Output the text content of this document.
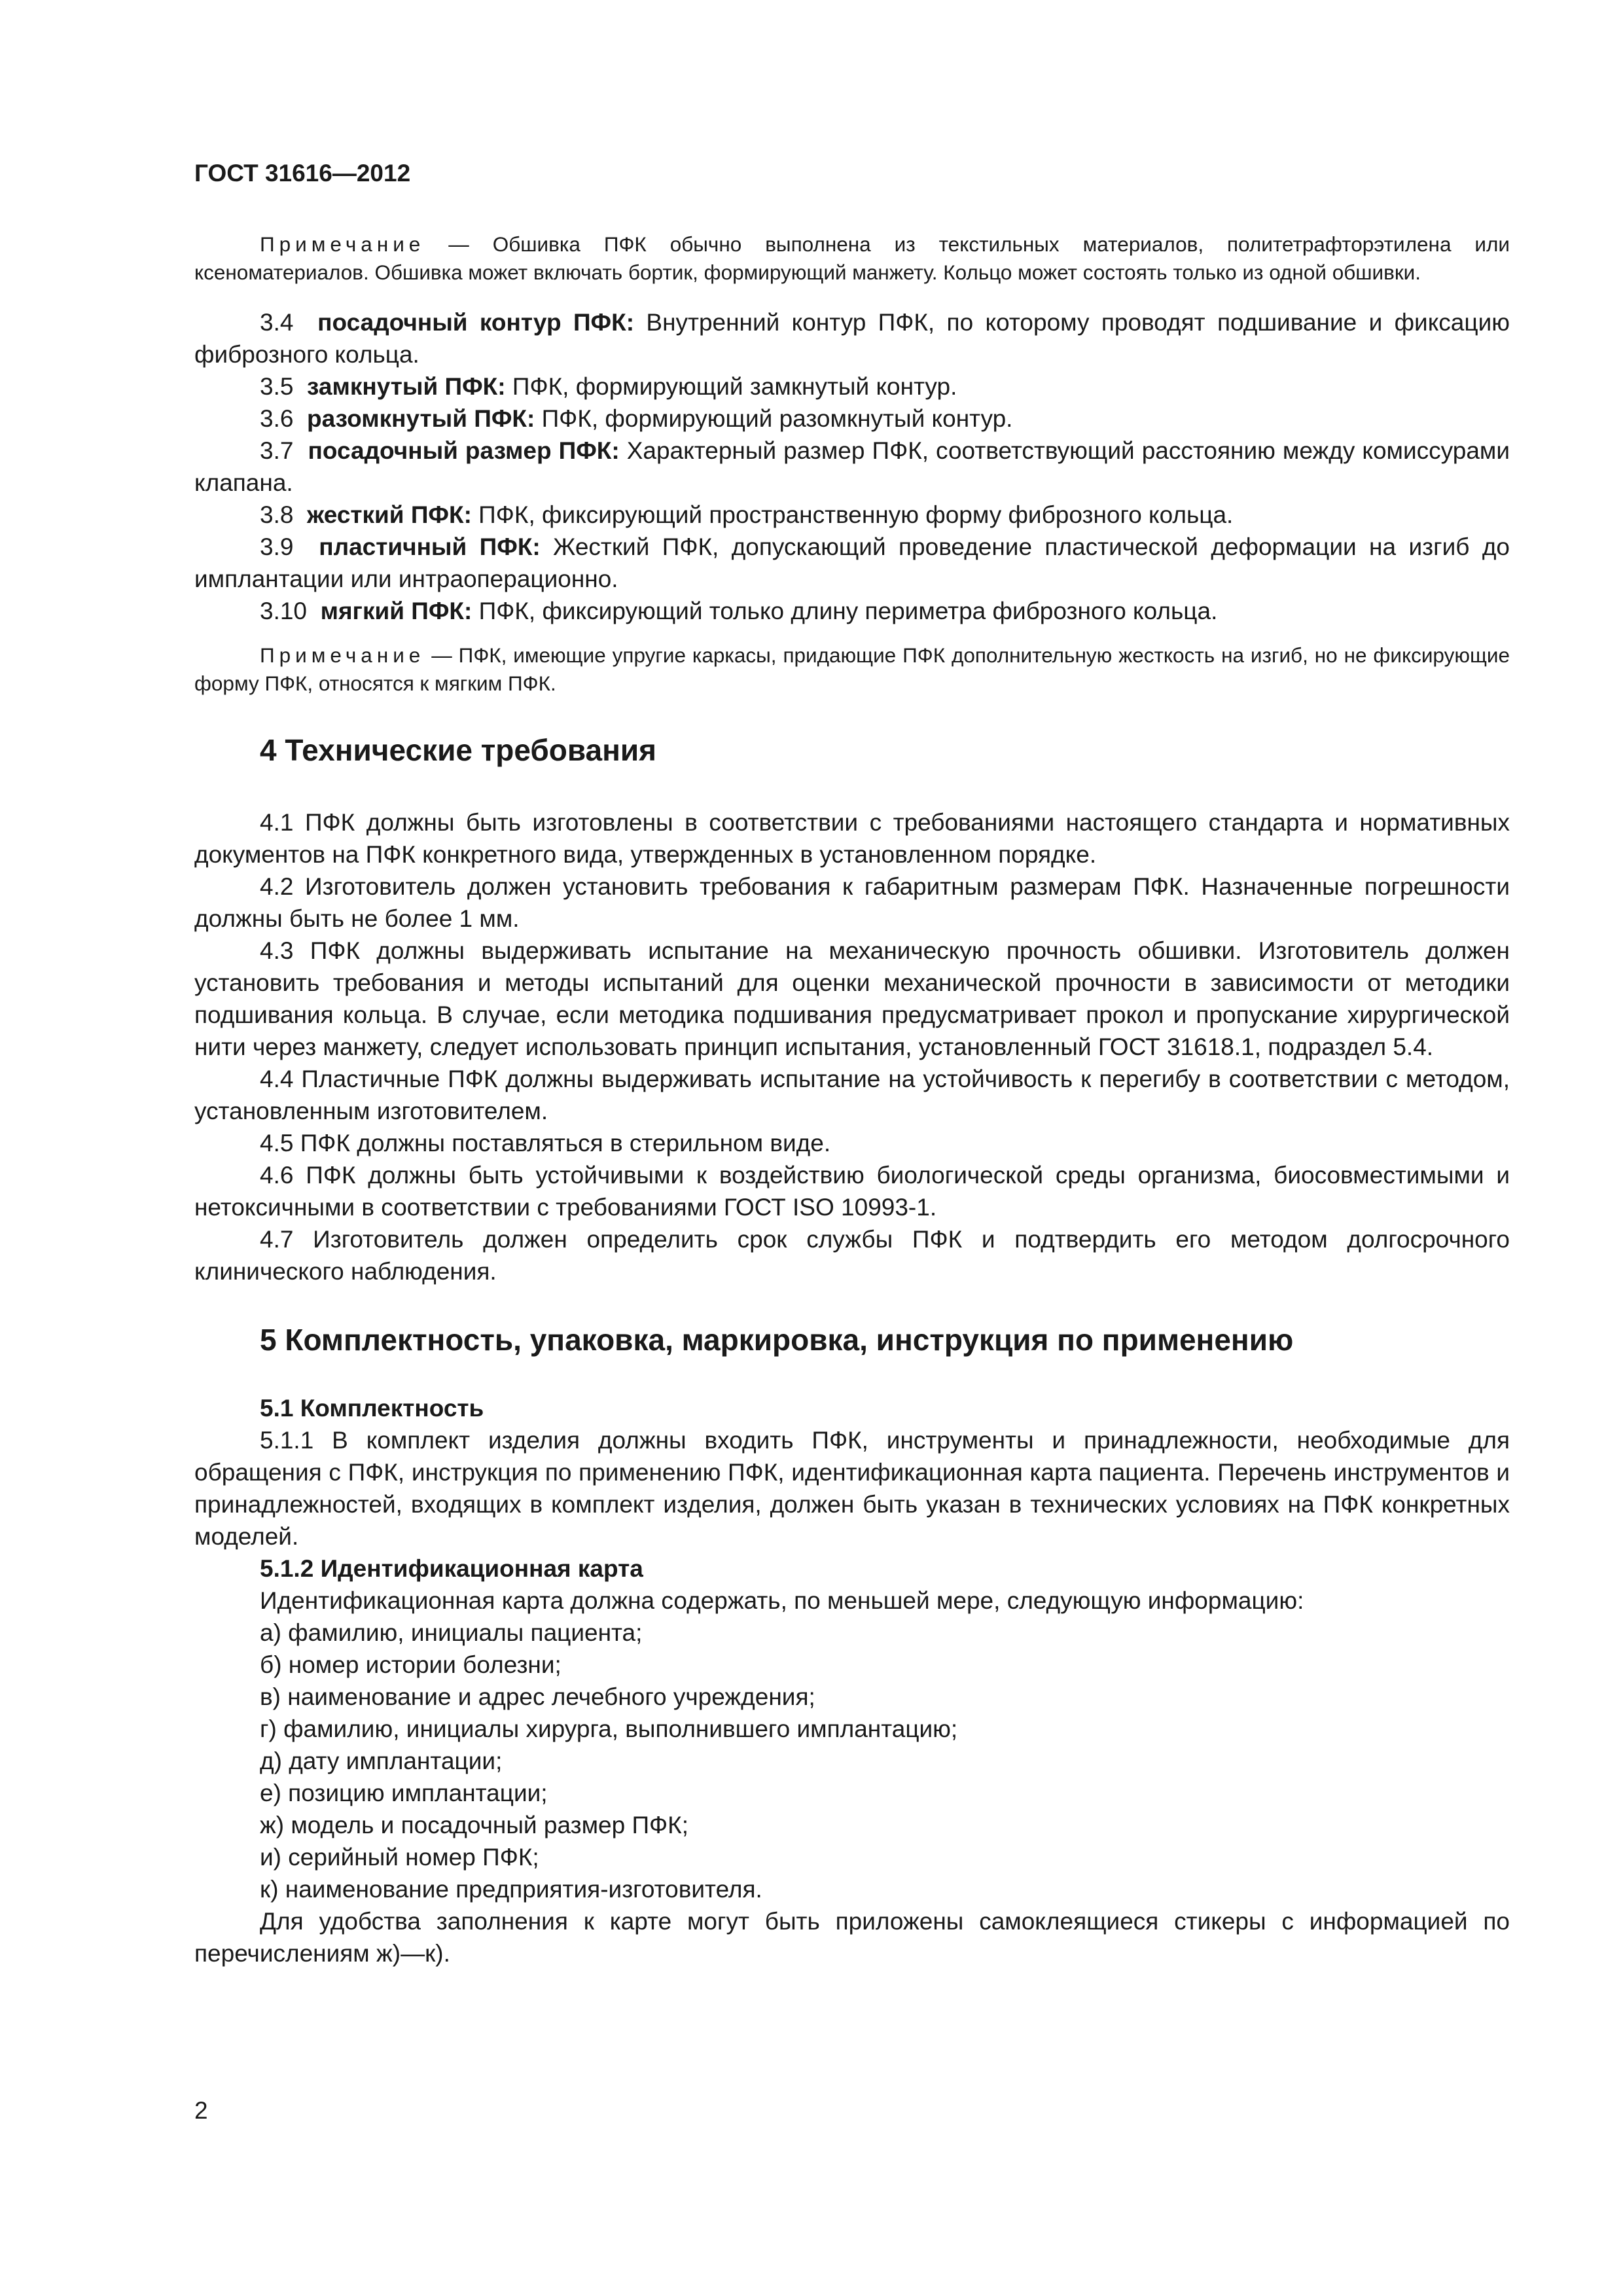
ГОСТ 31616—2012

Примечание — Обшивка ПФК обычно выполнена из текстильных материалов, политетрафторэтилена или ксеноматериалов. Обшивка может включать бортик, формирующий манжету. Кольцо может состоять только из одной обшивки.

3.4 посадочный контур ПФК: Внутренний контур ПФК, по которому проводят подшивание и фиксацию фиброзного кольца.

3.5 замкнутый ПФК: ПФК, формирующий замкнутый контур.

3.6 разомкнутый ПФК: ПФК, формирующий разомкнутый контур.

3.7 посадочный размер ПФК: Характерный размер ПФК, соответствующий расстоянию между комиссурами клапана.

3.8 жесткий ПФК: ПФК, фиксирующий пространственную форму фиброзного кольца.

3.9 пластичный ПФК: Жесткий ПФК, допускающий проведение пластической деформации на изгиб до имплантации или интраоперационно.

3.10 мягкий ПФК: ПФК, фиксирующий только длину периметра фиброзного кольца.

Примечание — ПФК, имеющие упругие каркасы, придающие ПФК дополнительную жесткость на изгиб, но не фиксирующие форму ПФК, относятся к мягким ПФК.

4 Технические требования

4.1 ПФК должны быть изготовлены в соответствии с требованиями настоящего стандарта и нормативных документов на ПФК конкретного вида, утвержденных в установленном порядке.

4.2 Изготовитель должен установить требования к габаритным размерам ПФК. Назначенные погрешности должны быть не более 1 мм.

4.3 ПФК должны выдерживать испытание на механическую прочность обшивки. Изготовитель должен установить требования и методы испытаний для оценки механической прочности в зависимости от методики подшивания кольца. В случае, если методика подшивания предусматривает прокол и пропускание хирургической нити через манжету, следует использовать принцип испытания, установленный ГОСТ 31618.1, подраздел 5.4.

4.4 Пластичные ПФК должны выдерживать испытание на устойчивость к перегибу в соответствии с методом, установленным изготовителем.

4.5 ПФК должны поставляться в стерильном виде.

4.6 ПФК должны быть устойчивыми к воздействию биологической среды организма, биосовместимыми и нетоксичными в соответствии с требованиями ГОСТ ISO 10993-1.

4.7 Изготовитель должен определить срок службы ПФК и подтвердить его методом долгосрочного клинического наблюдения.

5 Комплектность, упаковка, маркировка, инструкция по применению
5.1 Комплектность

5.1.1 В комплект изделия должны входить ПФК, инструменты и принадлежности, необходимые для обращения с ПФК, инструкция по применению ПФК, идентификационная карта пациента. Перечень инструментов и принадлежностей, входящих в комплект изделия, должен быть указан в технических условиях на ПФК конкретных моделей.

5.1.2 Идентификационная карта

Идентификационная карта должна содержать, по меньшей мере, следующую информацию:

а) фамилию, инициалы пациента;

б) номер истории болезни;

в) наименование и адрес лечебного учреждения;

г) фамилию, инициалы хирурга, выполнившего имплантацию;

д) дату имплантации;

е) позицию имплантации;

ж) модель и посадочный размер ПФК;

и) серийный номер ПФК;

к) наименование предприятия-изготовителя.

Для удобства заполнения к карте могут быть приложены самоклеящиеся стикеры с информацией по перечислениям ж)—к).

2
